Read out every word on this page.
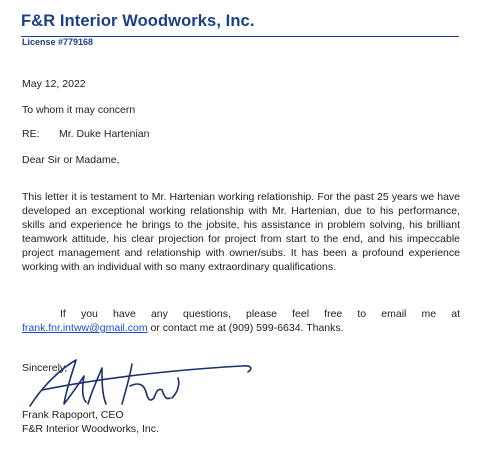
F&R Interior Woodworks, Inc.
License #779168
May 12, 2022
To whom it may concern
RE: Mr. Duke Hartenian
Dear Sir or Madame,
This letter it is testament to Mr. Hartenian working relationship. For the past 25 years we have developed an exceptional working relationship with Mr. Hartenian, due to his performance, skills and experience he brings to the jobsite, his assistance in problem solving, his brilliant teamwork attitude, his clear projection for project from start to the end, and his impeccable project management and relationship with owner/subs. It has been a profound experience working with an individual with so many extraordinary qualifications.
If you have any questions, please feel free to email me at
frank.fnr.intww@gmail.com or contact me at (909) 599-6634. Thanks.
Sincerely,
Frank Rapoport, CEO
F&R Interior Woodworks, Inc.
